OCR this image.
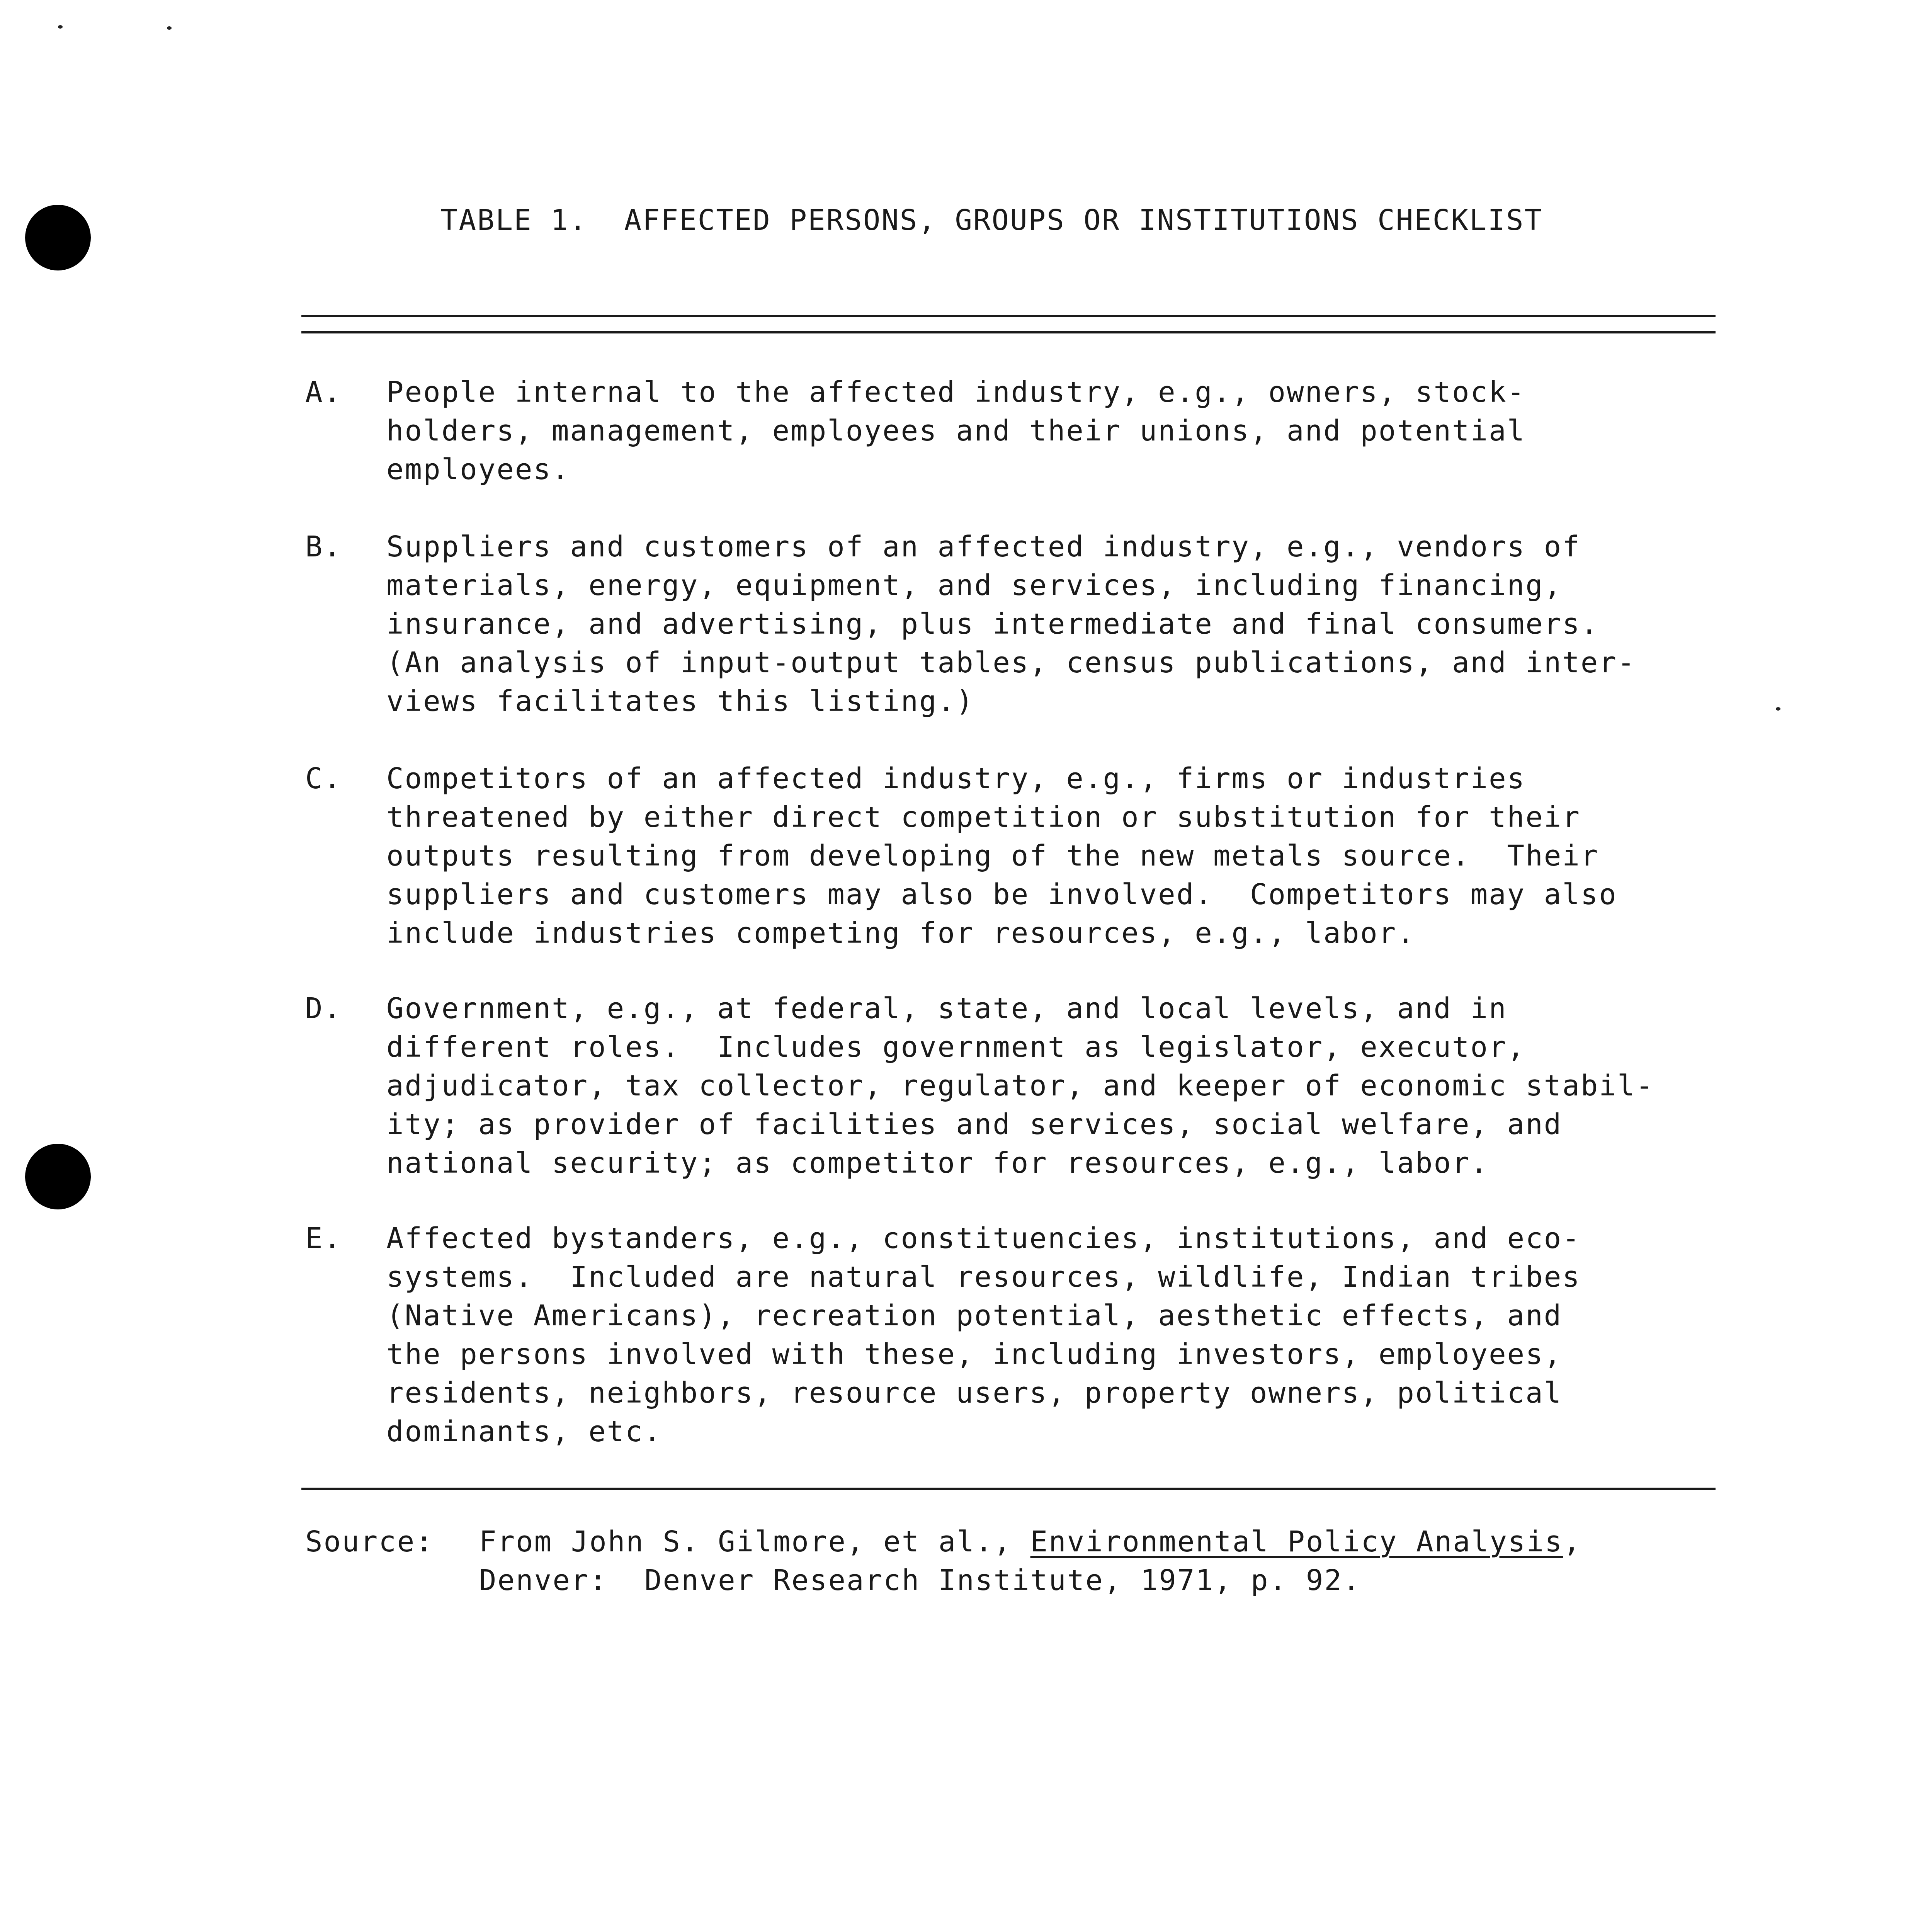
TABLE 1.  AFFECTED PERSONS, GROUPS OR INSTITUTIONS CHECKLIST
A. People internal to the affected industry, e.g., owners, stock-
holders, management, employees and their unions, and potential
employees.
B. Suppliers and customers of an affected industry, e.g., vendors of
materials, energy, equipment, and services, including financing,
insurance, and advertising, plus intermediate and final consumers.
(An analysis of input-output tables, census publications, and inter-
views facilitates this listing.)
C. Competitors of an affected industry, e.g., firms or industries
threatened by either direct competition or substitution for their
outputs resulting from developing of the new metals source.  Their
suppliers and customers may also be involved.  Competitors may also
include industries competing for resources, e.g., labor.
D. Government, e.g., at federal, state, and local levels, and in
different roles.  Includes government as legislator, executor,
adjudicator, tax collector, regulator, and keeper of economic stabil-
ity; as provider of facilities and services, social welfare, and
national security; as competitor for resources, e.g., labor.
E. Affected bystanders, e.g., constituencies, institutions, and eco-
systems.  Included are natural resources, wildlife, Indian tribes
(Native Americans), recreation potential, aesthetic effects, and
the persons involved with these, including investors, employees,
residents, neighbors, resource users, property owners, political
dominants, etc.
Source: From John S. Gilmore, et al., Environmental Policy Analysis,
Denver:  Denver Research Institute, 1971, p. 92.
